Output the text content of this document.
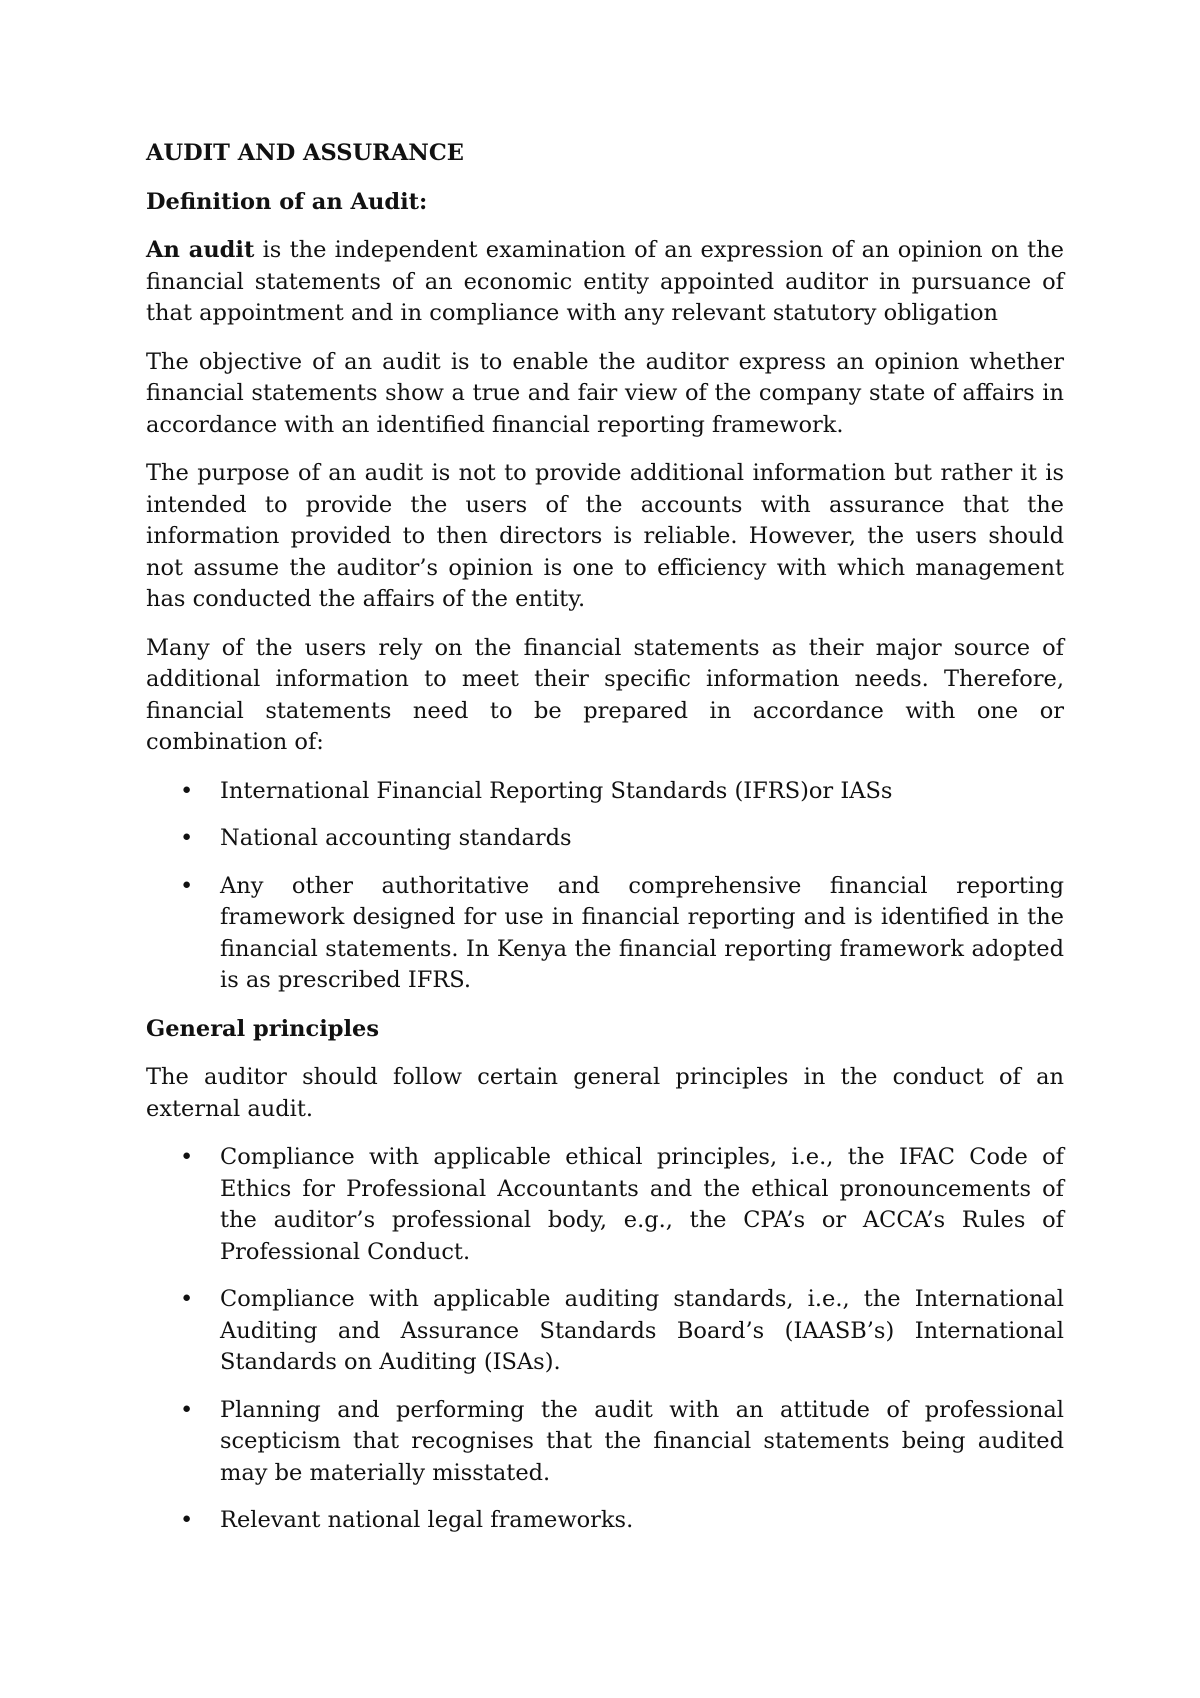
AUDIT AND ASSURANCE
Definition of an Audit:

An audit is the independent examination of an expression of an opinion on the financial statements of an economic entity appointed auditor in pursuance of that appointment and in compliance with any relevant statutory obligation

The objective of an audit is to enable the auditor express an opinion whether financial statements show a true and fair view of the company state of affairs in accordance with an identified financial reporting framework.

The purpose of an audit is not to provide additional information but rather it is intended to provide the users of the accounts with assurance that the information provided to then directors is reliable. However, the users should not assume the auditor’s opinion is one to efficiency with which management has conducted the affairs of the entity.

Many of the users rely on the financial statements as their major source of additional information to meet their specific information needs. Therefore, financial statements need to be prepared in accordance with one or combination of:

• International Financial Reporting Standards (IFRS)or IASs
• National accounting standards
• Any other authoritative and comprehensive financial reporting framework designed for use in financial reporting and is identified in the financial statements. In Kenya the financial reporting framework adopted is as prescribed IFRS.
General principles

The auditor should follow certain general principles in the conduct of an external audit.

• Compliance with applicable ethical principles, i.e., the IFAC Code of Ethics for Professional Accountants and the ethical pronouncements of the auditor’s professional body, e.g., the CPA’s or ACCA’s Rules of Professional Conduct.
• Compliance with applicable auditing standards, i.e., the International Auditing and Assurance Standards Board’s (IAASB’s) International Standards on Auditing (ISAs).
• Planning and performing the audit with an attitude of professional scepticism that recognises that the financial statements being audited may be materially misstated.
• Relevant national legal frameworks.
